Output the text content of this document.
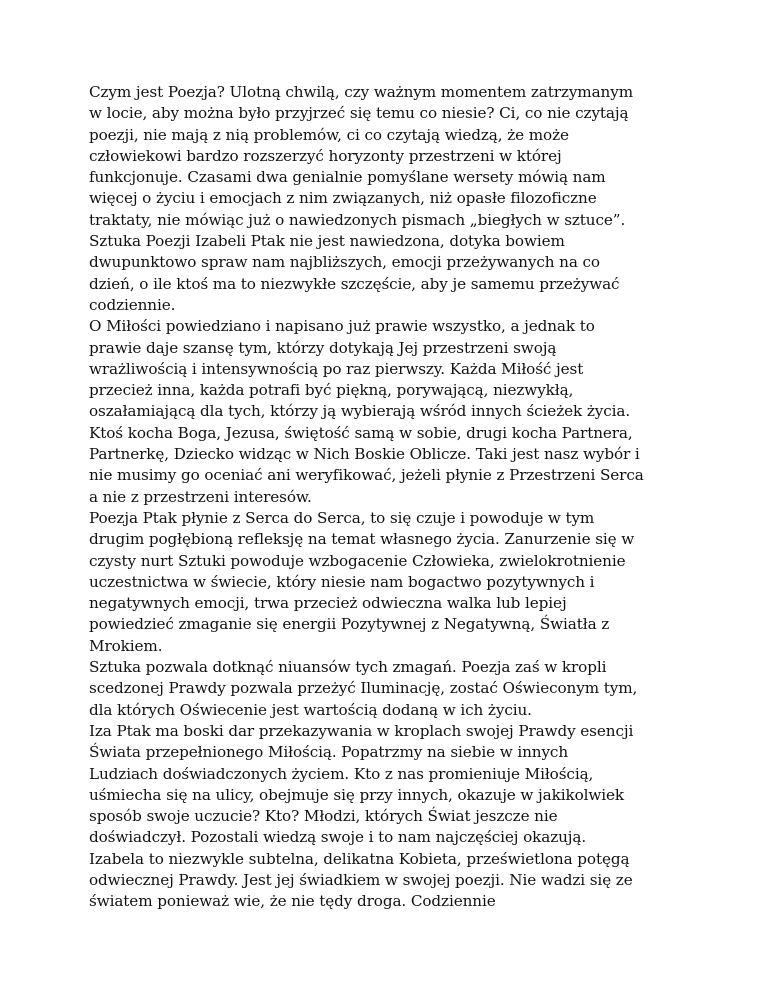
Czym jest Poezja? Ulotną chwilą, czy ważnym momentem zatrzymanym
w locie, aby można było przyjrzeć się temu co niesie? Ci, co nie czytają
poezji, nie mają z nią problemów, ci co czytają wiedzą, że może
człowiekowi bardzo rozszerzyć horyzonty przestrzeni w której
funkcjonuje. Czasami dwa genialnie pomyślane wersety mówią nam
więcej o życiu i emocjach z nim związanych, niż opasłe filozoficzne
traktaty, nie mówiąc już o nawiedzonych pismach „biegłych w sztuce”.
Sztuka Poezji Izabeli Ptak nie jest nawiedzona, dotyka bowiem
dwupunktowo spraw nam najbliższych, emocji przeżywanych na co
dzień, o ile ktoś ma to niezwykłe szczęście, aby je samemu przeżywać
codziennie.
O Miłości powiedziano i napisano już prawie wszystko, a jednak to
prawie daje szansę tym, którzy dotykają Jej przestrzeni swoją
wrażliwością i intensywnością po raz pierwszy. Każda Miłość jest
przecież inna, każda potrafi być piękną, porywającą, niezwykłą,
oszałamiającą dla tych, którzy ją wybierają wśród innych ścieżek życia.
Ktoś kocha Boga, Jezusa, świętość samą w sobie, drugi kocha Partnera,
Partnerkę, Dziecko widząc w Nich Boskie Oblicze. Taki jest nasz wybór i
nie musimy go oceniać ani weryfikować, jeżeli płynie z Przestrzeni Serca
a nie z przestrzeni interesów.
Poezja Ptak płynie z Serca do Serca, to się czuje i powoduje w tym
drugim pogłębioną refleksję na temat własnego życia. Zanurzenie się w
czysty nurt Sztuki powoduje wzbogacenie Człowieka, zwielokrotnienie
uczestnictwa w świecie, który niesie nam bogactwo pozytywnych i
negatywnych emocji, trwa przecież odwieczna walka lub lepiej
powiedzieć zmaganie się energii Pozytywnej z Negatywną, Światła z
Mrokiem.
Sztuka pozwala dotknąć niuansów tych zmagań. Poezja zaś w kropli
scedzonej Prawdy pozwala przeżyć Iluminację, zostać Oświeconym tym,
dla których Oświecenie jest wartością dodaną w ich życiu.
Iza Ptak ma boski dar przekazywania w kroplach swojej Prawdy esencji
Świata przepełnionego Miłością. Popatrzmy na siebie w innych
Ludziach doświadczonych życiem. Kto z nas promieniuje Miłością,
uśmiecha się na ulicy, obejmuje się przy innych, okazuje w jakikolwiek
sposób swoje uczucie? Kto? Młodzi, których Świat jeszcze nie
doświadczył. Pozostali wiedzą swoje i to nam najczęściej okazują.
Izabela to niezwykle subtelna, delikatna Kobieta, prześwietlona potęgą
odwiecznej Prawdy. Jest jej świadkiem w swojej poezji. Nie wadzi się ze
światem ponieważ wie, że nie tędy droga. Codziennie
